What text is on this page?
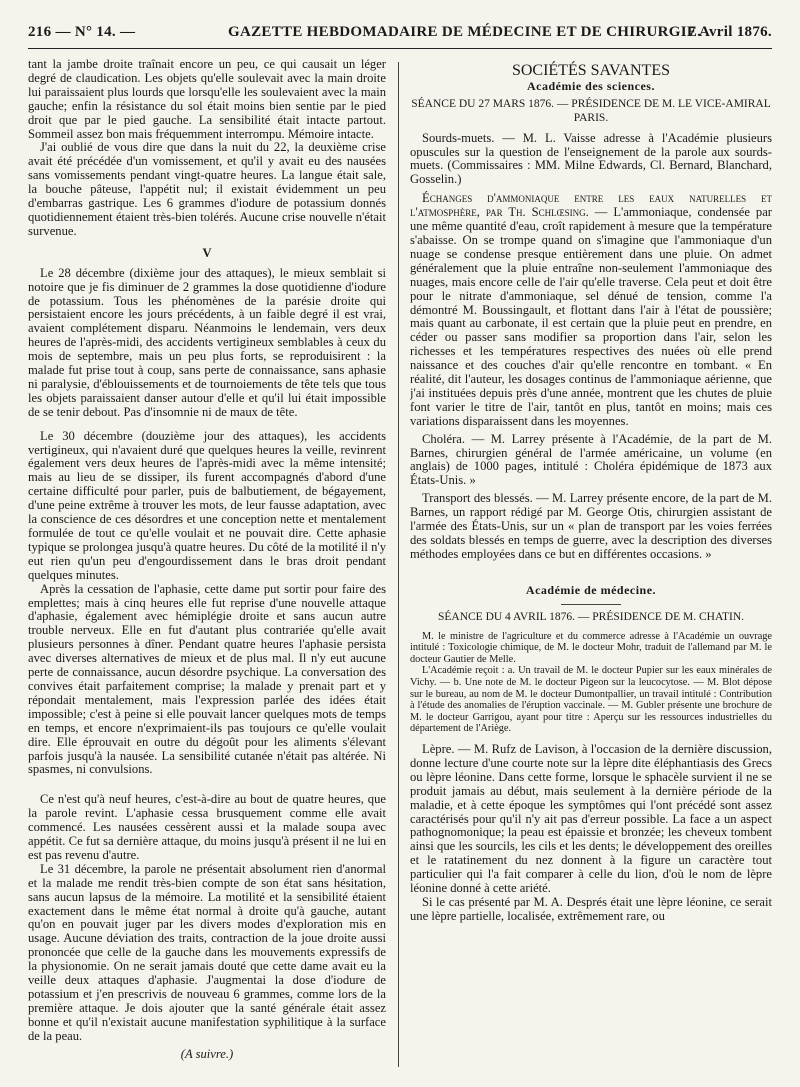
216 — N° 14. —	GAZETTE HEBDOMADAIRE DE MÉDECINE ET DE CHIRURGIE.
7 Avril 1876.

tant la jambe droite traînait encore un peu, ce qui causait un léger degré de claudication. Les objets qu'elle soulevait avec la main droite lui paraissaient plus lourds que lorsqu'elle les soulevaient avec la main gauche; enfin la résistance du sol était moins bien sentie par le pied droit que par le pied gauche. La sensibilité était intacte partout. Sommeil assez bon mais fréquemment interrompu. Mémoire intacte.

J'ai oublié de vous dire que dans la nuit du 22, la deuxième crise avait été précédée d'un vomissement, et qu'il y avait eu des nausées sans vomissements pendant vingt-quatre heures. La langue était sale, la bouche pâteuse, l'appétit nul; il existait évidemment un peu d'embarras gastrique. Les 6 grammes d'iodure de potassium donnés quotidiennement étaient très-bien tolérés. Aucune crise nouvelle n'était survenue.

V

Le 28 décembre (dixième jour des attaques), le mieux semblait si notoire que je fis diminuer de 2 grammes la dose quotidienne d'iodure de potassium. Tous les phénomènes de la parésie droite qui persistaient encore les jours précédents, à un faible degré il est vrai, avaient complétement disparu. Néanmoins le lendemain, vers deux heures de l'après-midi, des accidents vertigineux semblables à ceux du mois de septembre, mais un peu plus forts, se reproduisirent : la malade fut prise tout à coup, sans perte de connaissance, sans aphasie ni paralysie, d'éblouissements et de tournoiements de tête tels que tous les objets paraissaient danser autour d'elle et qu'il lui était impossible de se tenir debout. Pas d'insomnie ni de maux de tête.

Le 30 décembre (douzième jour des attaques), les accidents vertigineux, qui n'avaient duré que quelques heures la veille, revinrent également vers deux heures de l'après-midi avec la même intensité; mais au lieu de se dissiper, ils furent accompagnés d'abord d'une certaine difficulté pour parler, puis de balbutiement, de bégayement, d'une peine extrême à trouver les mots, de leur fausse adaptation, avec la conscience de ces désordres et une conception nette et mentalement formulée de tout ce qu'elle voulait et ne pouvait dire. Cette aphasie typique se prolongea jusqu'à quatre heures. Du côté de la motilité il n'y eut rien qu'un peu d'engourdissement dans le bras droit pendant quelques minutes.

Après la cessation de l'aphasie, cette dame put sortir pour faire des emplettes; mais à cinq heures elle fut reprise d'une nouvelle attaque d'aphasie, également avec hémiplégie droite et sans aucun autre trouble nerveux. Elle en fut d'autant plus contrariée qu'elle avait plusieurs personnes à dîner. Pendant quatre heures l'aphasie persista avec diverses alternatives de mieux et de plus mal. Il n'y eut aucune perte de connaissance, aucun désordre psychique. La conversation des convives était parfaitement comprise; la malade y prenait part et y répondait mentalement, mais l'expression parlée des idées était impossible; c'est à peine si elle pouvait lancer quelques mots de temps en temps, et encore n'exprimaient-ils pas toujours ce qu'elle voulait dire. Elle éprouvait en outre du dégoût pour les aliments s'élevant parfois jusqu'à la nausée. La sensibilité cutanée n'était pas altérée. Ni spasmes, ni convulsions.

Ce n'est qu'à neuf heures, c'est-à-dire au bout de quatre heures, que la parole revint. L'aphasie cessa brusquement comme elle avait commencé. Les nausées cessèrent aussi et la malade soupa avec appétit. Ce fut sa dernière attaque, du moins jusqu'à présent il ne lui en est pas revenu d'autre.

Le 31 décembre, la parole ne présentait absolument rien d'anormal et la malade me rendit très-bien compte de son état sans hésitation, sans aucun lapsus de la mémoire. La motilité et la sensibilité étaient exactement dans le même état normal à droite qu'à gauche, autant qu'on en pouvait juger par les divers modes d'exploration mis en usage. Aucune déviation des traits, contraction de la joue droite aussi prononcée que celle de la gauche dans les mouvements expressifs de la physionomie. On ne serait jamais douté que cette dame avait eu la veille deux attaques d'aphasie. J'augmentai la dose d'iodure de potassium et j'en prescrivis de nouveau 6 grammes, comme lors de la première attaque. Je dois ajouter que la santé générale était assez bonne et qu'il n'existait aucune manifestation syphilitique à la surface de la peau.

(A suivre.)

SOCIÉTÉS SAVANTES
Académie des sciences.

SÉANCE DU 27 MARS 1876. — PRÉSIDENCE DE M. LE VICE-AMIRAL PARIS.

Sourds-muets. — M. L. Vaisse adresse à l'Académie plusieurs opuscules sur la question de l'enseignement de la parole aux sourds-muets. (Commissaires : MM. Milne Edwards, Cl. Bernard, Blanchard, Gosselin.)

Échanges d'ammoniaque entre les eaux naturelles et l'atmosphère, par Th. Schlœsing. — L'ammoniaque, condensée par une même quantité d'eau, croît rapidement à mesure que la température s'abaisse. On se trompe quand on s'imagine que l'ammoniaque d'un nuage se condense presque entièrement dans une pluie. On admet généralement que la pluie entraîne non-seulement l'ammoniaque des nuages, mais encore celle de l'air qu'elle traverse. Cela peut et doit être pour le nitrate d'ammoniaque, sel dénué de tension, comme l'a démontré M. Boussingault, et flottant dans l'air à l'état de poussière; mais quant au carbonate, il est certain que la pluie peut en prendre, en céder ou passer sans modifier sa proportion dans l'air, selon les richesses et les températures respectives des nuées où elle prend naissance et des couches d'air qu'elle rencontre en tombant. « En réalité, dit l'auteur, les dosages continus de l'ammoniaque aérienne, que j'ai instituées depuis près d'une année, montrent que les chutes de pluie font varier le titre de l'air, tantôt en plus, tantôt en moins; mais ces variations disparaissent dans les moyennes.

Choléra. — M. Larrey présente à l'Académie, de la part de M. Barnes, chirurgien général de l'armée américaine, un volume (en anglais) de 1000 pages, intitulé : Choléra épidémique de 1873 aux États-Unis. »

Transport des blessés. — M. Larrey présente encore, de la part de M. Barnes, un rapport rédigé par M. George Otis, chirurgien assistant de l'armée des États-Unis, sur un « plan de transport par les voies ferrées des soldats blessés en temps de guerre, avec la description des diverses méthodes employées dans ce but en différentes occasions. »

Académie de médecine.

SÉANCE DU 4 AVRIL 1876. — PRÉSIDENCE DE M. CHATIN.

M. le ministre de l'agriculture et du commerce adresse à l'Académie un ouvrage intitulé : Toxicologie chimique, de M. le docteur Mohr, traduit de l'allemand par M. le docteur Gautier de Melle.

L'Académie reçoit : a. Un travail de M. le docteur Pupier sur les eaux minérales de Vichy. — b. Une note de M. le docteur Pigeon sur la leucocytose. — M. Blot dépose sur le bureau, au nom de M. le docteur Dumontpallier, un travail intitulé : Contribution à l'étude des anomalies de l'éruption vaccinale. — M. Gubler présente une brochure de M. le docteur Garrigou, ayant pour titre : Aperçu sur les ressources industrielles du département de l'Ariège.

Lèpre. — M. Rufz de Lavison, à l'occasion de la dernière discussion, donne lecture d'une courte note sur la lèpre dite éléphantiasis des Grecs ou lèpre léonine. Dans cette forme, lorsque le sphacèle survient il ne se produit jamais au début, mais seulement à la dernière période de la maladie, et à cette époque les symptômes qui l'ont précédé sont assez caractérisés pour qu'il n'y ait pas d'erreur possible. La face a un aspect pathognomonique; la peau est épaissie et bronzée; les cheveux tombent ainsi que les sourcils, les cils et les dents; le développement des oreilles et le ratatinement du nez donnent à la figure un caractère tout particulier qui l'a fait comparer à celle du lion, d'où le nom de lèpre léonine donné à cette ariété.

Si le cas présenté par M. A. Després était une lèpre léonine, ce serait une lèpre partielle, localisée, extrêmement rare, ou
